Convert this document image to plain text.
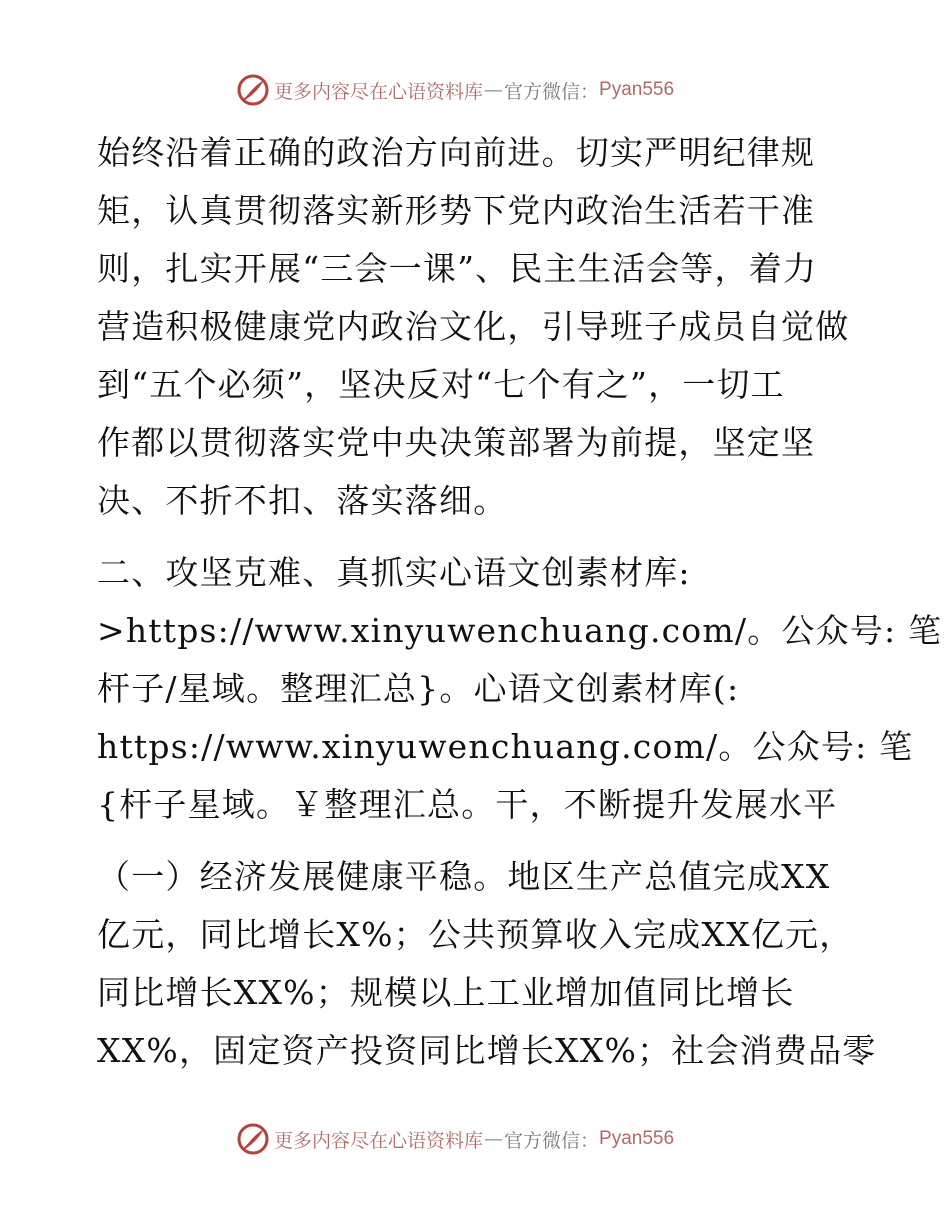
更多内容尽在心语资料库 — 官方微信： Pyan556
始终沿着正确的政治方向前进。切实严明纪律规
矩，认真贯彻落实新形势下党内政治生活若干准
则，扎实开展“三会一课”、民主生活会等，着力
营造积极健康党内政治文化，引导班子成员自觉做
到“五个必须”，坚决反对“七个有之”，一切工
作都以贯彻落实党中央决策部署为前提，坚定坚
决、不折不扣、落实落细。
二、攻坚克难、真抓实心语文创素材库:
>https://www.xinyuwenchuang.com/。公众号: 笔
杆子/星域。整理汇总}。心语文创素材库(:
https://www.xinyuwenchuang.com/。公众号: 笔
{杆子星域。￥整理汇总。干，不断提升发展水平
（一）经济发展健康平稳。地区生产总值完成XX
亿元，同比增长X%；公共预算收入完成XX亿元，
同比增长XX%；规模以上工业增加值同比增长
XX%，固定资产投资同比增长XX%；社会消费品零
更多内容尽在心语资料库 — 官方微信： Pyan556
